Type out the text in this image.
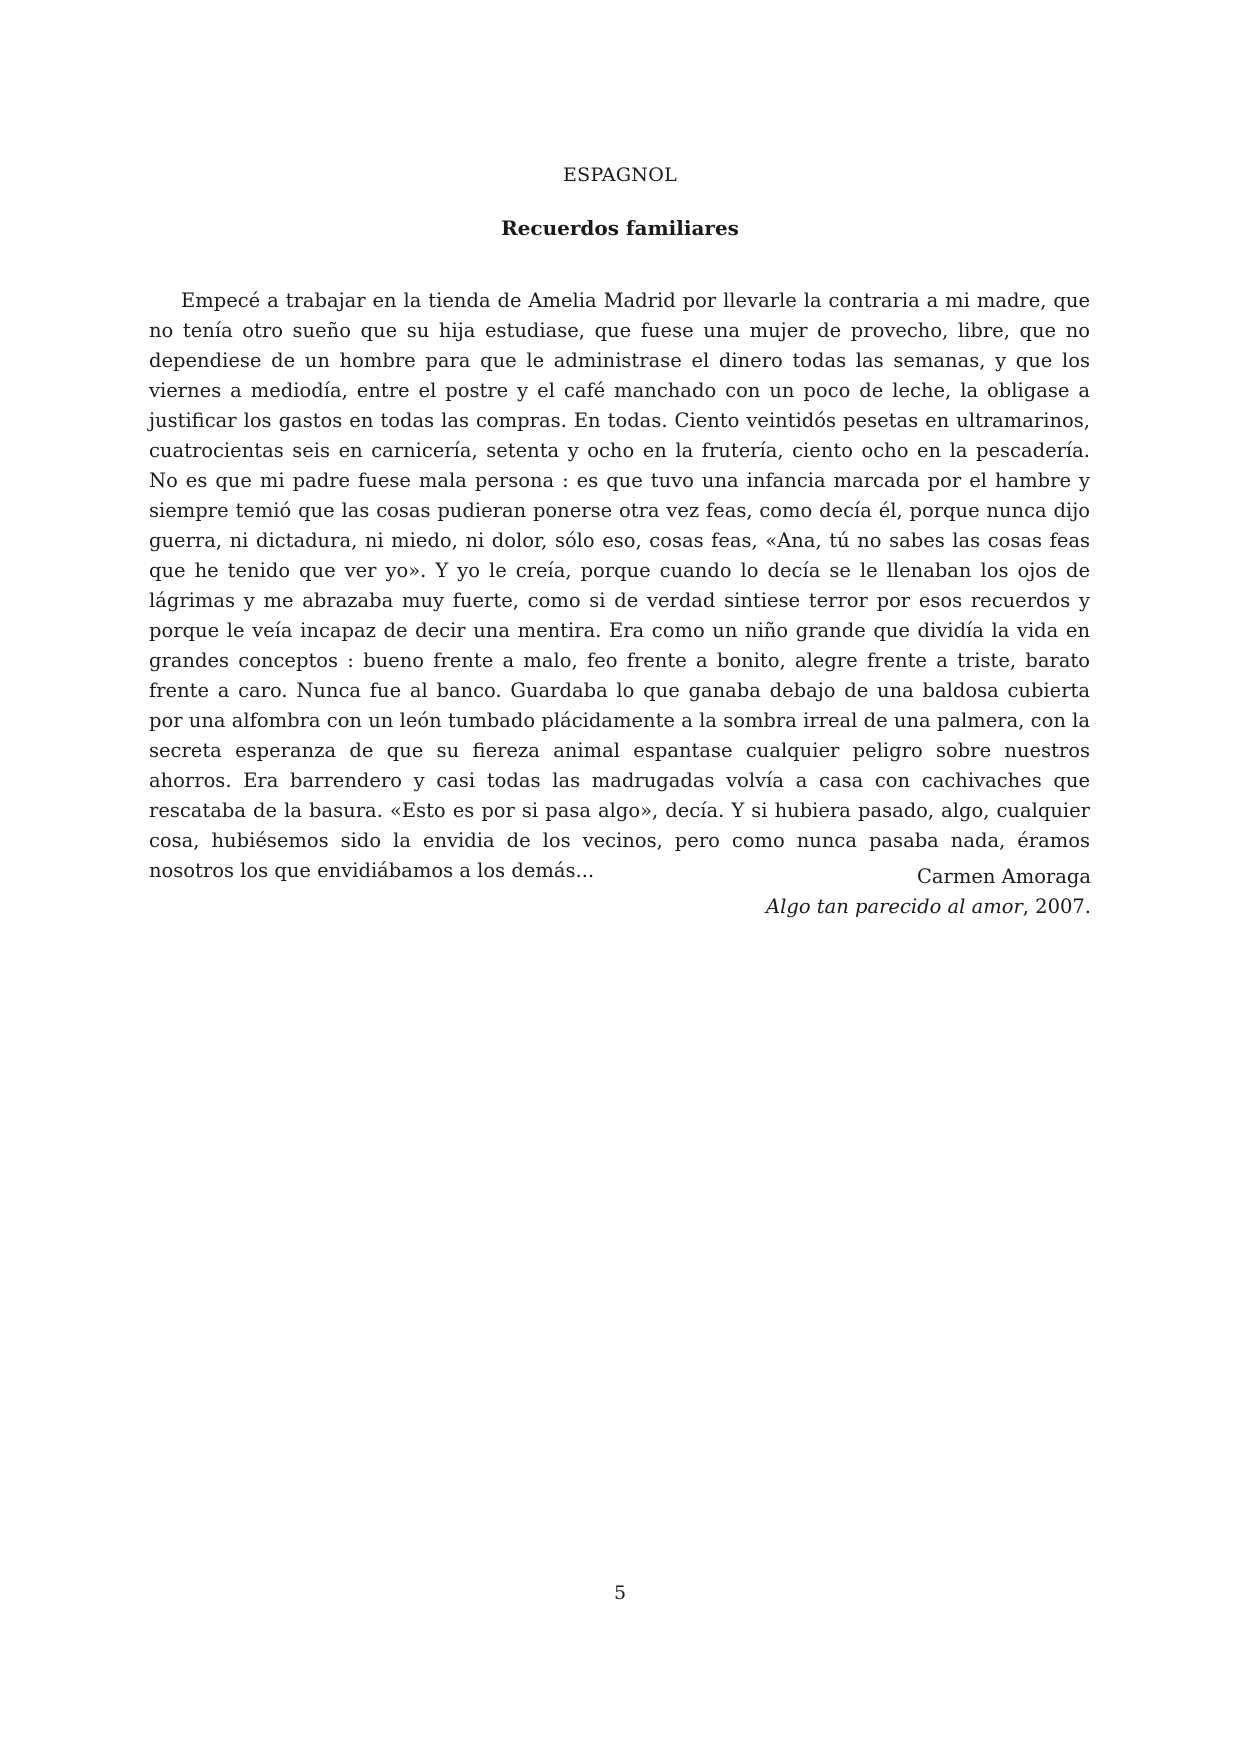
ESPAGNOL
Recuerdos familiares

Empecé a trabajar en la tienda de Amelia Madrid por llevarle la contraria a mi madre, que no tenía otro sueño que su hija estudiase, que fuese una mujer de provecho, libre, que no dependiese de un hombre para que le administrase el dinero todas las semanas, y que los viernes a mediodía, entre el postre y el café manchado con un poco de leche, la obligase a justificar los gastos en todas las compras. En todas. Ciento veintidós pesetas en ultramarinos, cuatrocientas seis en carnicería, setenta y ocho en la frutería, ciento ocho en la pescadería. No es que mi padre fuese mala persona : es que tuvo una infancia marcada por el hambre y siempre temió que las cosas pudieran ponerse otra vez feas, como decía él, porque nunca dijo guerra, ni dictadura, ni miedo, ni dolor, sólo eso, cosas feas, «Ana, tú no sabes las cosas feas que he tenido que ver yo». Y yo le creía, porque cuando lo decía se le llenaban los ojos de lágrimas y me abrazaba muy fuerte, como si de verdad sintiese terror por esos recuerdos y porque le veía incapaz de decir una mentira. Era como un niño grande que dividía la vida en grandes conceptos : bueno frente a malo, feo frente a bonito, alegre frente a triste, barato frente a caro. Nunca fue al banco. Guardaba lo que ganaba debajo de una baldosa cubierta por una alfombra con un león tumbado plácidamente a la sombra irreal de una palmera, con la secreta esperanza de que su fiereza animal espantase cualquier peligro sobre nuestros ahorros. Era barrendero y casi todas las madrugadas volvía a casa con cachivaches que rescataba de la basura. «Esto es por si pasa algo», decía. Y si hubiera pasado, algo, cualquier cosa, hubiésemos sido la envidia de los vecinos, pero como nunca pasaba nada, éramos nosotros los que envidiábamos a los demás...	Carmen Amoraga
Algo tan parecido al amor, 2007.
5
